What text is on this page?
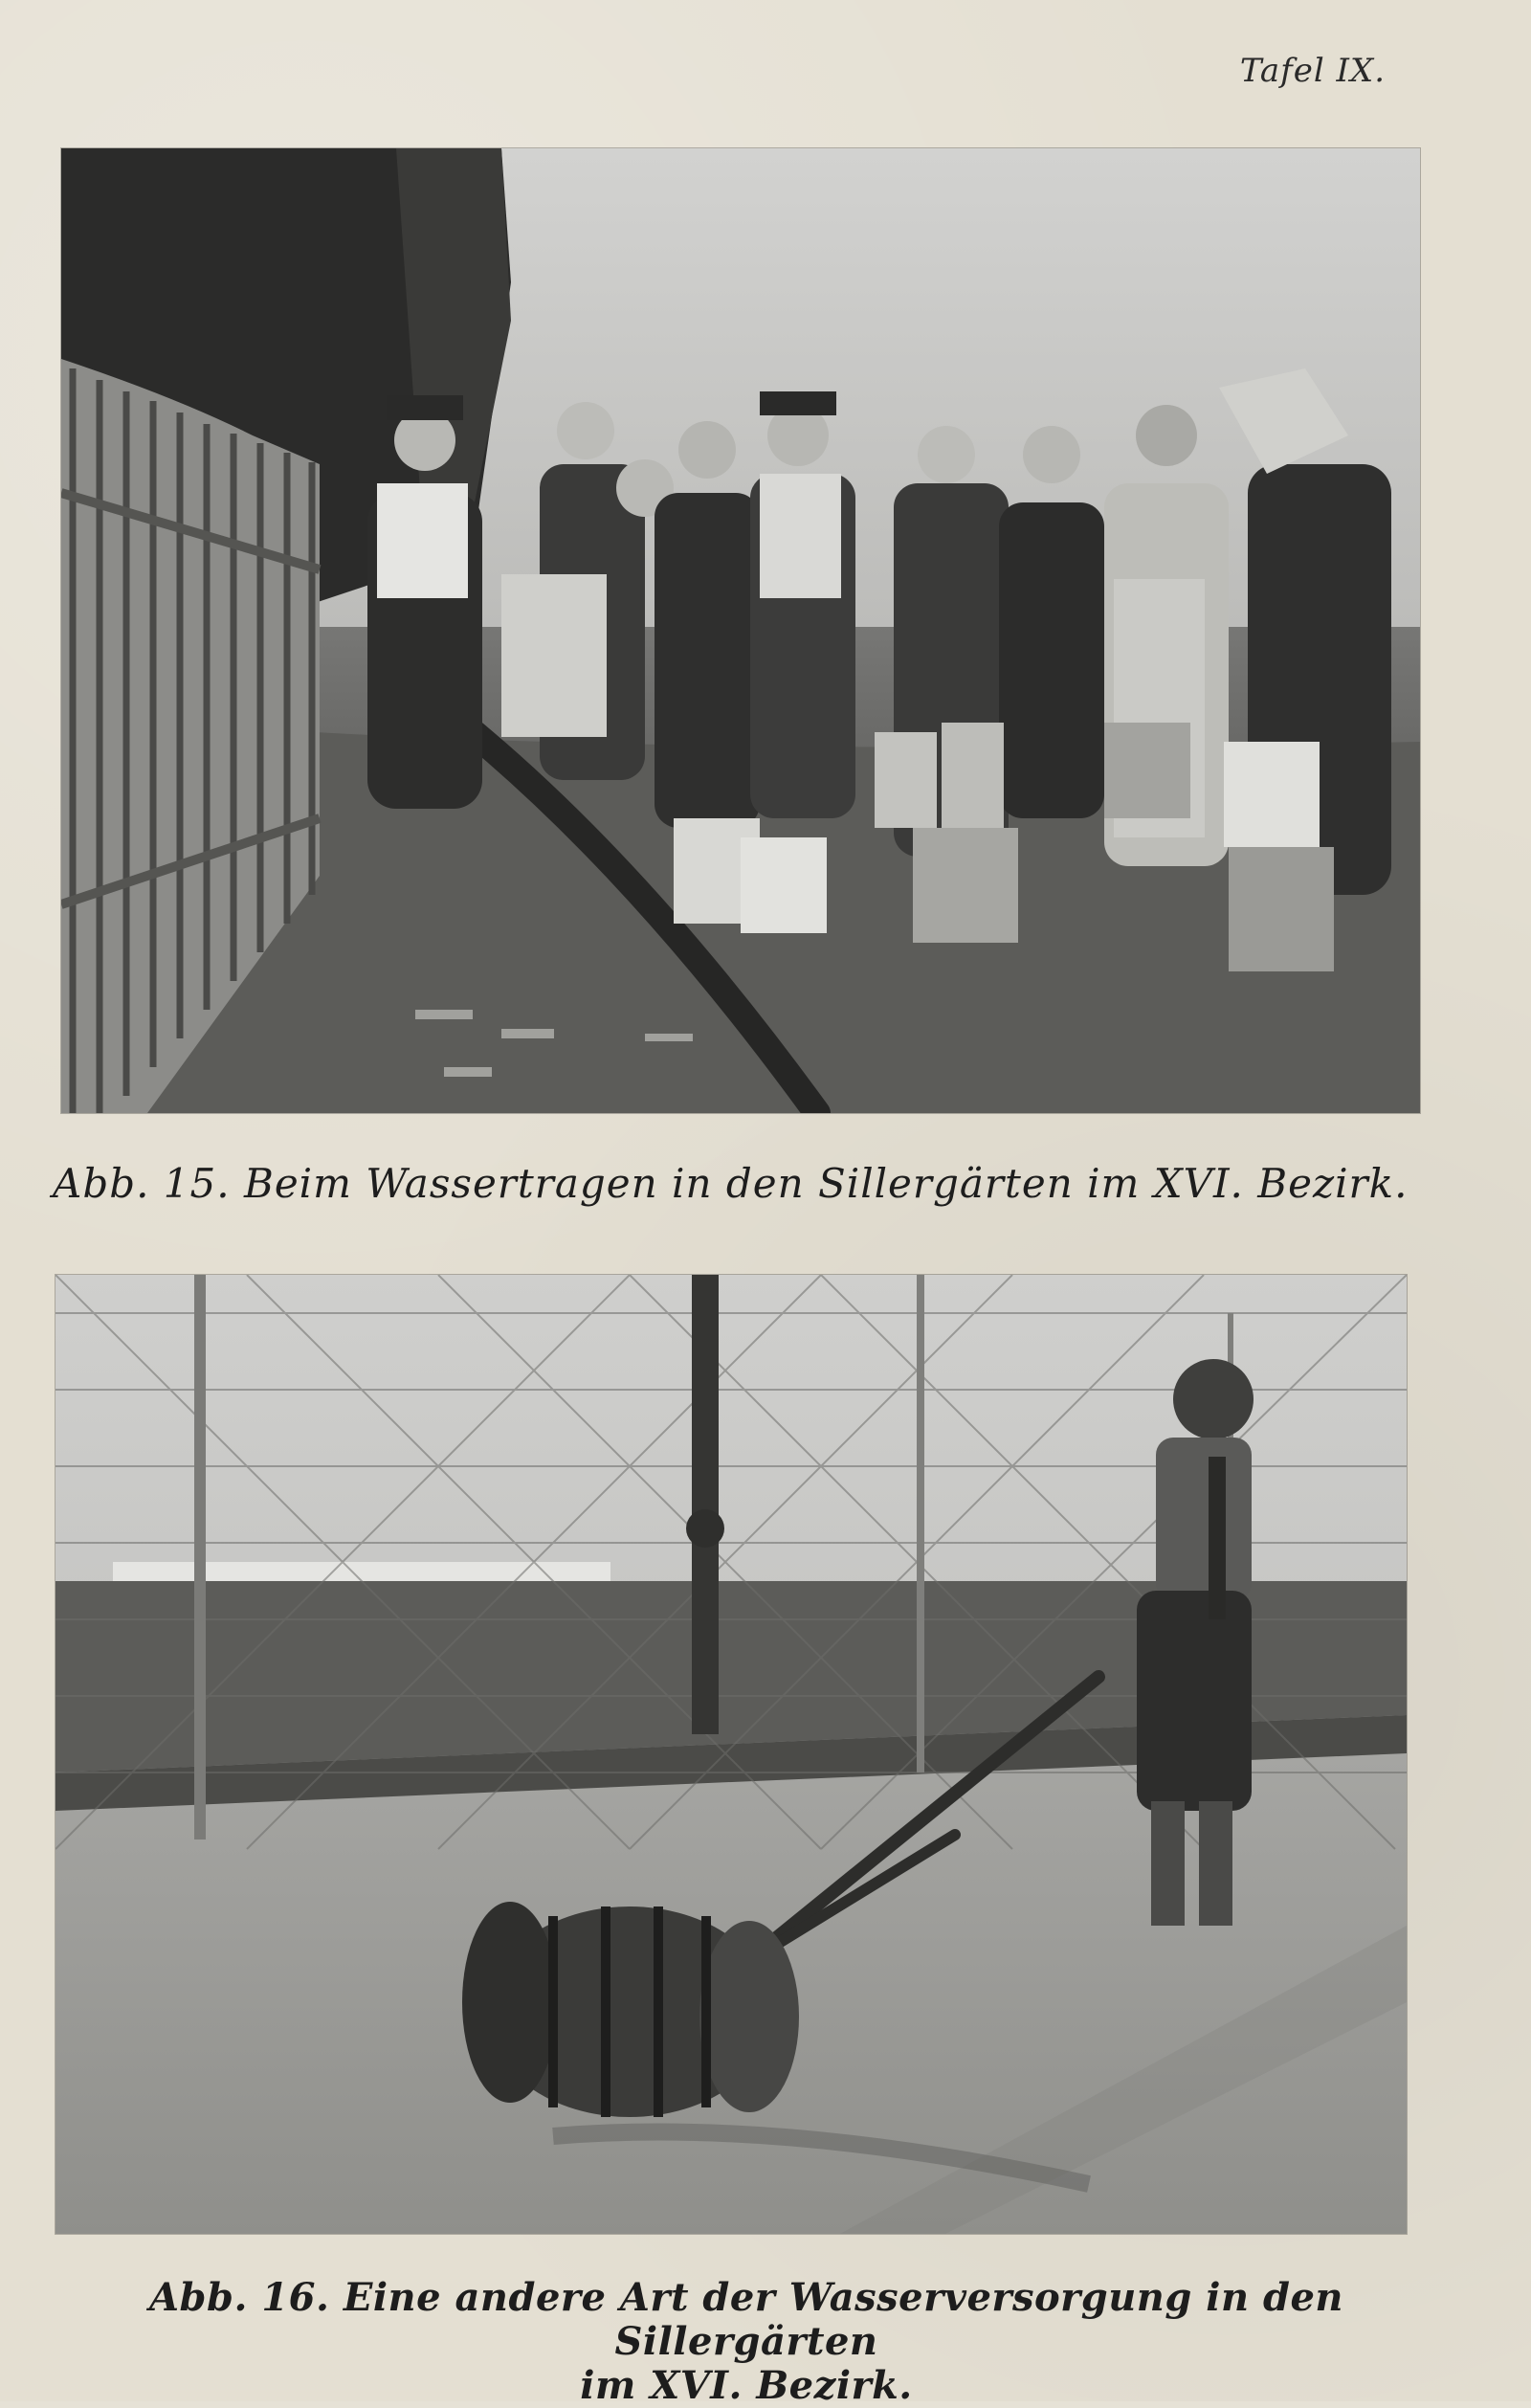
Tafel IX.
Abb. 15. Beim Wassertragen in den Sillergärten im XVI. Bezirk.
Abb. 16. Eine andere Art der Wasserversorgung in den Sillergärten
im XVI. Bezirk.
